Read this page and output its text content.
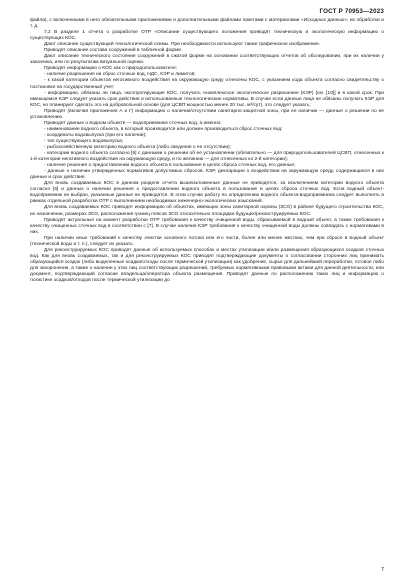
ГОСТ Р 70953—2023

файла), с включенными в него обязательными приложениями и дополнительными файлами пакетами с материалами «Исходных данных», их обработки и т. д.

7.2 В разделе 1 отчета о разработке ОТР «Описание существующего положения приводят техническую и экологическую информацию о существующих КОС.

Дают описание существующей технологической схемы. При необходимости используют также графическое изображение.

Приводят описание состава сооружений в табличной форме.

Дают описание технического состояния сооружений в сжатой форме на основании соответствующих отчетов об обследовании, при их наличии у заказчика, или по результатам визуальной оценки.

Приводят информацию о КОС как о природопользователе:

- наличие разрешения на сброс сточных вод, НДС, КЭР и лимитов;

- к какой категории объектов негативного воздействия на окружающую среду отнесены КОС, с указанием кода объекта согласно свидетельству о постановке на государственный учет;

- информацию, обязаны ли лица, эксплуатирующие КОС, получать «комплексное экологическое разрешение (КЭР) [см. [10]] и в какой срок. При имеющемся КЭР следует указать срок действия и использованные технологические нормативы. В случае если данные лица не обязаны получать КЭР для КОС, но планируют сделать это на добровольной основе (для ЦСВП мощностью менее 20 тыс. м³/сут), это следует указать;

Приводят (включая приложения А и Г) информацию о наличии/отсутствии санитарно-защитной зоны, при ее наличии — данные о решении по ее установлению.

Приводят данные о водном объекте — водоприемнике сточных вод, а именно:

- наименование водного объекта, в который производится или должен производиться сброс сточных вод:

- координаты водовыпуска (при его наличии);

- тип существующего водовыпуска;

- рыбохозяйственную категорию водного объекта (либо сведения о ее отсутствии);

- категории водного объекта согласно [6] с данными о решении об ее установлении (обязательно — для природопользователей ЦСВП, отнесенных к 1-й категории негативного воздействия на окружающую среду, и по желанию — для отнесенных ко 2-й категории);

- наличие решения о предоставлении водного объекта в пользование в целях сброса сточных вод, его данные;

- данные о наличии утвержденных нормативов допустимых сбросов. КЭР, декларации о воздействии на окружающую среду, содержащиеся в них данные и срок действия.

Для вновь создаваемых КОС в данном разделе отчета вышеизложенные данные не приводятся, за исключением категории водного объекта согласно [6] и данных о наличии решения о предоставлении водного объекта в пользование в целях сброса сточных вод. Если водный объект-водоприемник не выбран, указанные данные не приводятся. В этом случае работу по определению водного объекта-водоприемника следует выполнять в рамках отдельной разработки ОТР с выполнением необходимых инженерно-экологических изысканий.

Для вновь создаваемых КОС приводят информацию об объектах, имеющих зоны санитарной охраны (ЗСО) в районе будущего строительства КОС, их назначении, размерах ЗСО, расположения границ поясов ЗСО относительно площадки будущих/реконструируемых КОС.

Приводят актуальные на момент разработки ОТР требования к качеству очищенной воды, сбрасываемой в водный объект, а также требования к качеству очищенных сточных вод в соответствии с [7]. В случае наличия КЭР требования к качеству очищенной воды должны совпадать с нормативами в них.

При наличии иных требований к качеству очистки основного потока или его части, более или менее жестких, чем при сбросе в водный объект (технической воды и т. п.), следует их указать.

Для реконструируемых КОС приводят данные об используемых способах и местах утилизации и/или размещения образующихся осадков сточных вод. Как для вновь создаваемых, так и для реконструируемых КОС приводят подтверждающие документы о согласовании сторонних лиц принимать образующийся осадок (либо выделенные осадки/отходы после термической утилизации) как удобрение, сырье для дальнейшей переработки, готовое либо для захоронения, а также о наличии у этих лиц соответствующих разрешений, требуемых нормативными правовыми актами для данной деятельности, или документ, подтверждающий согласие владельца/оператора объекта размещения. Приводят данные по расположению таких лиц и информацию о логистике осадков/отходов после термической утилизации до

7
